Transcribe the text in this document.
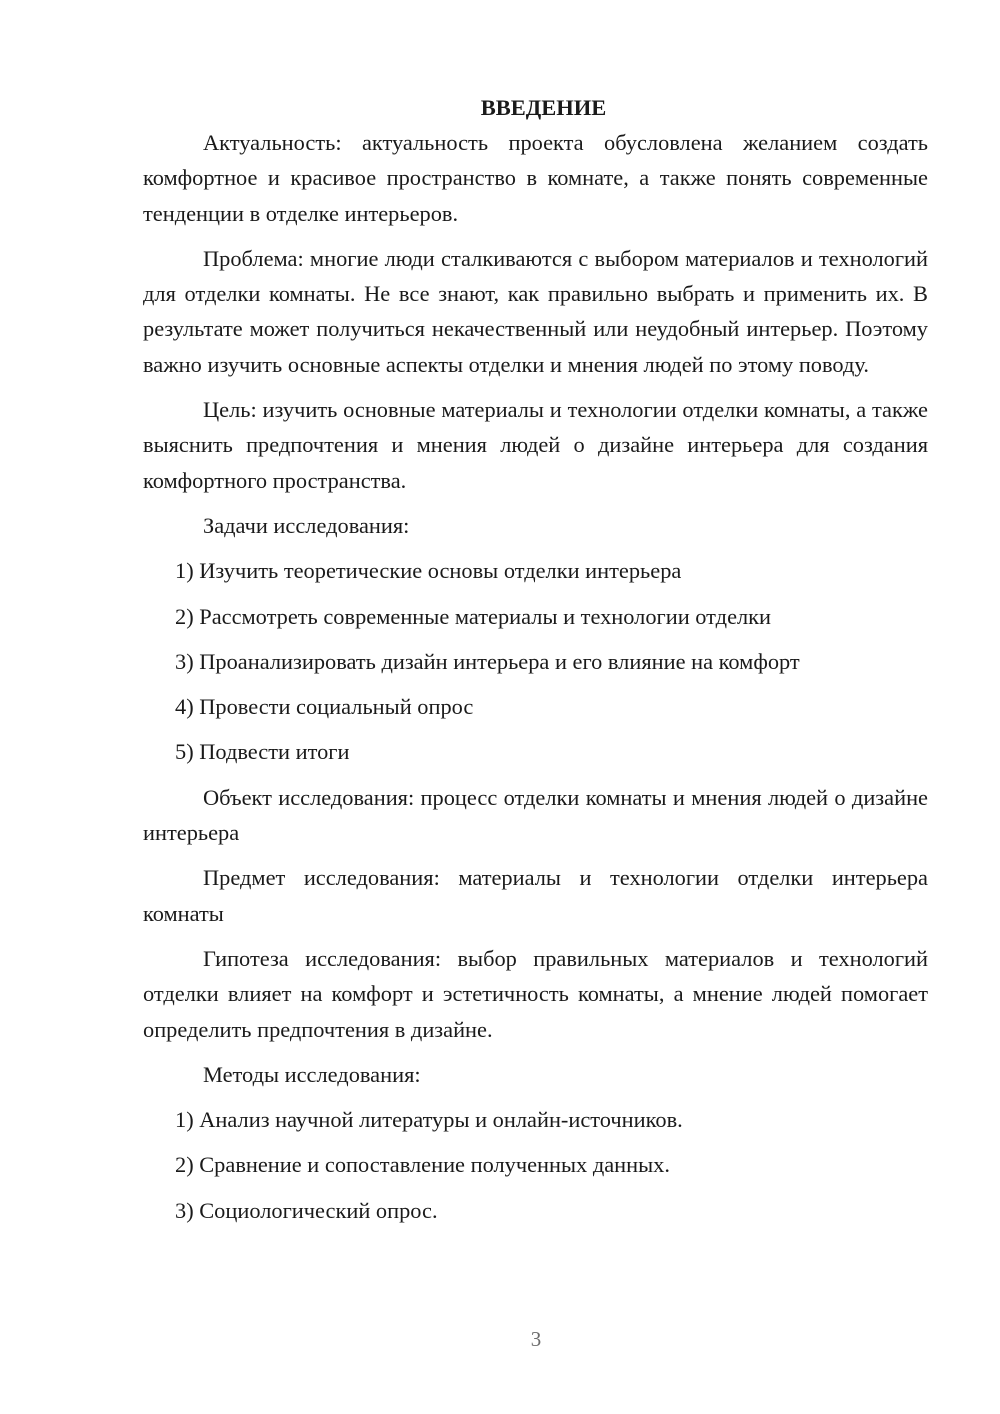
ВВЕДЕНИЕ

Актуальность: актуальность проекта обусловлена желанием создать комфортное и красивое пространство в комнате, а также понять современные тенденции в отделке интерьеров.

Проблема: многие люди сталкиваются с выбором материалов и технологий для отделки комнаты. Не все знают, как правильно выбрать и применить их. В результате может получиться некачественный или неудобный интерьер. Поэтому важно изучить основные аспекты отделки и мнения людей по этому поводу.

Цель: изучить основные материалы и технологии отделки комнаты, а также выяснить предпочтения и мнения людей о дизайне интерьера для создания комфортного пространства.

Задачи исследования:

1) Изучить теоретические основы отделки интерьера

2) Рассмотреть современные материалы и технологии отделки

3) Проанализировать дизайн интерьера и его влияние на комфорт

4) Провести социальный опрос

5) Подвести итоги

Объект исследования: процесс отделки комнаты и мнения людей о дизайне интерьера

Предмет исследования: материалы и технологии отделки интерьера комнаты

Гипотеза исследования: выбор правильных материалов и технологий отделки влияет на комфорт и эстетичность комнаты, а мнение людей помогает определить предпочтения в дизайне.

Методы исследования:

1) Анализ научной литературы и онлайн-источников.

2) Сравнение и сопоставление полученных данных.

3) Социологический опрос.

3
